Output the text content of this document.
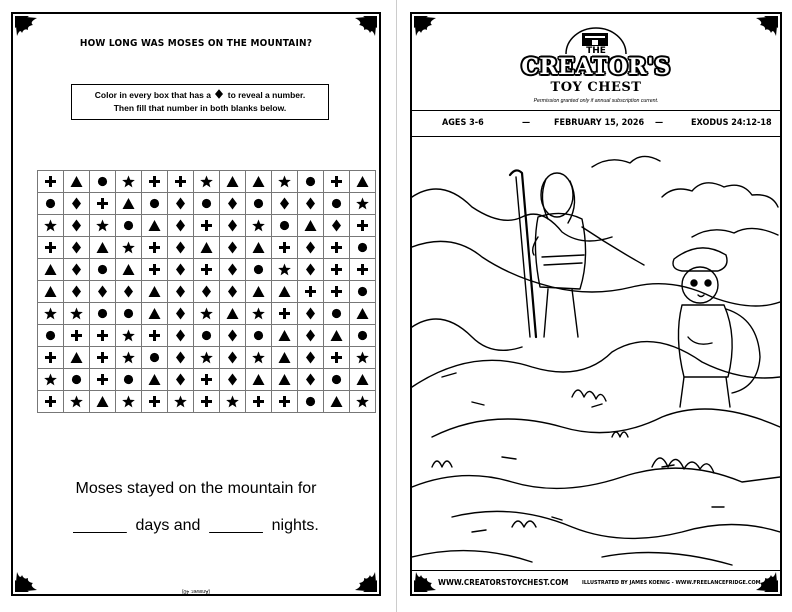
HOW LONG WAS MOSES ON THE MOUNTAIN?
Color in every box that has a to reveal a number.
Then fill that number in both blanks below.

Moses stayed on the mountain for
______  days and  ______  nights.
(Answer: 40)
THE
CREATOR'S
TOY CHEST
Permission granted only if annual subscription current.
AGES 3-6	—	FEBRUARY 15, 2026 —	EXODUS 24:12-18
WWW.CREATORSTOYCHEST.COM ILLUSTRATED BY JAMES KOENIG - WWW.FREELANCEFRIDGE.COM
